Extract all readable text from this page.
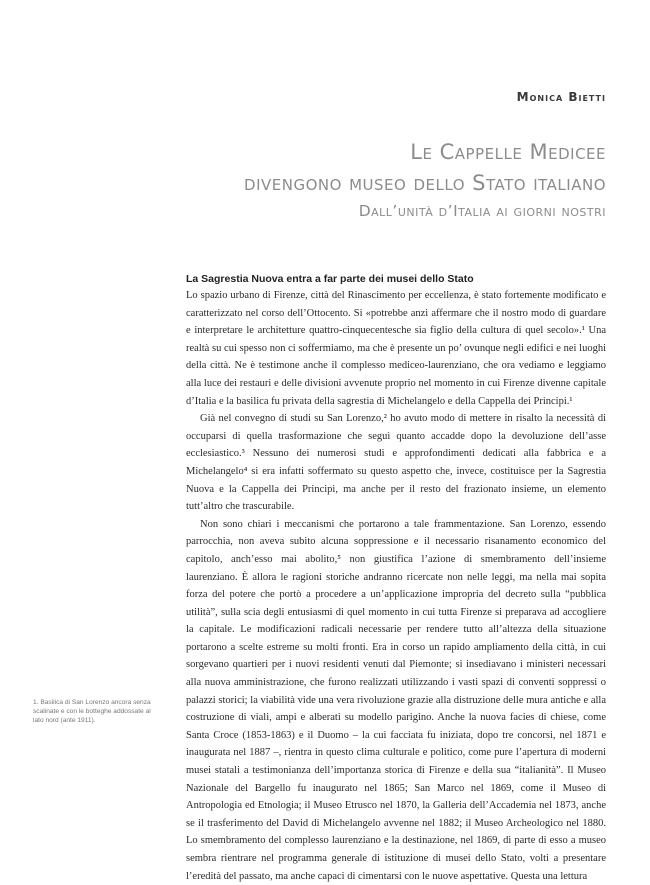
Monica Bietti
Le Cappelle Medicee
divengono museo dello Stato italiano
Dall’unità d’Italia ai giorni nostri
La Sagrestia Nuova entra a far parte dei musei dello Stato

Lo spazio urbano di Firenze, città del Rinascimento per eccellenza, è stato fortemente modificato e caratterizzato nel corso dell’Ottocento. Si «potrebbe anzi affermare che il nostro modo di guardare e interpretare le architetture quattro-cinquecentesche sia figlio della cultura di quel secolo».¹ Una realtà su cui spesso non ci soffermiamo, ma che è presente un po’ ovunque negli edifici e nei luoghi della città. Ne è testimone anche il complesso mediceo-laurenziano, che ora vediamo e leggiamo alla luce dei restauri e delle divisioni avvenute proprio nel momento in cui Firenze divenne capitale d’Italia e la basilica fu privata della sagrestia di Michelangelo e della Cappella dei Principi.¹

Già nel convegno di studi su San Lorenzo,² ho avuto modo di mettere in risalto la necessità di occuparsi di quella trasformazione che seguì quanto accadde dopo la devoluzione dell’asse ecclesiastico.³ Nessuno dei numerosi studi e approfondimenti dedicati alla fabbrica e a Michelangelo⁴ si era infatti soffermato su questo aspetto che, invece, costituisce per la Sagrestia Nuova e la Cappella dei Principi, ma anche per il resto del frazionato insieme, un elemento tutt’altro che trascurabile.

Non sono chiari i meccanismi che portarono a tale frammentazione. San Lorenzo, essendo parrocchia, non aveva subito alcuna soppressione e il necessario risanamento economico del capitolo, anch’esso mai abolito,⁵ non giustifica l’azione di smembramento dell’insieme laurenziano. È allora le ragioni storiche andranno ricercate non nelle leggi, ma nella mai sopita forza del potere che portò a procedere a un’applicazione impropria del decreto sulla “pubblica utilità”, sulla scia degli entusiasmi di quel momento in cui tutta Firenze si preparava ad accogliere la capitale. Le modificazioni radicali necessarie per rendere tutto all’altezza della situazione portarono a scelte estreme su molti fronti. Era in corso un rapido ampliamento della città, in cui sorgevano quartieri per i nuovi residenti venuti dal Piemonte; si insediavano i ministeri necessari alla nuova amministrazione, che furono realizzati utilizzando i vasti spazi di conventi soppressi o palazzi storici; la viabilità vide una vera rivoluzione grazie alla distruzione delle mura antiche e alla costruzione di viali, ampi e alberati su modello parigino. Anche la nuova facies di chiese, come Santa Croce (1853-1863) e il Duomo – la cui facciata fu iniziata, dopo tre concorsi, nel 1871 e inaugurata nel 1887 –, rientra in questo clima culturale e politico, come pure l’apertura di moderni musei statali a testimonianza dell’importanza storica di Firenze e della sua “italianità”. Il Museo Nazionale del Bargello fu inaugurato nel 1865; San Marco nel 1869, come il Museo di Antropologia ed Etnologia; il Museo Etrusco nel 1870, la Galleria dell’Accademia nel 1873, anche se il trasferimento del David di Michelangelo avvenne nel 1882; il Museo Archeologico nel 1880. Lo smembramento del complesso laurenziano e la destinazione, nel 1869, di parte di esso a museo sembra rientrare nel programma generale di istituzione di musei dello Stato, volti a presentare l’eredità del passato, ma anche capaci di cimentarsi con le nuove aspettative. Questa una lettura

1. Basilica di San Lorenzo ancora senza scalinate e con le botteghe addossate al lato nord (ante 1911).
